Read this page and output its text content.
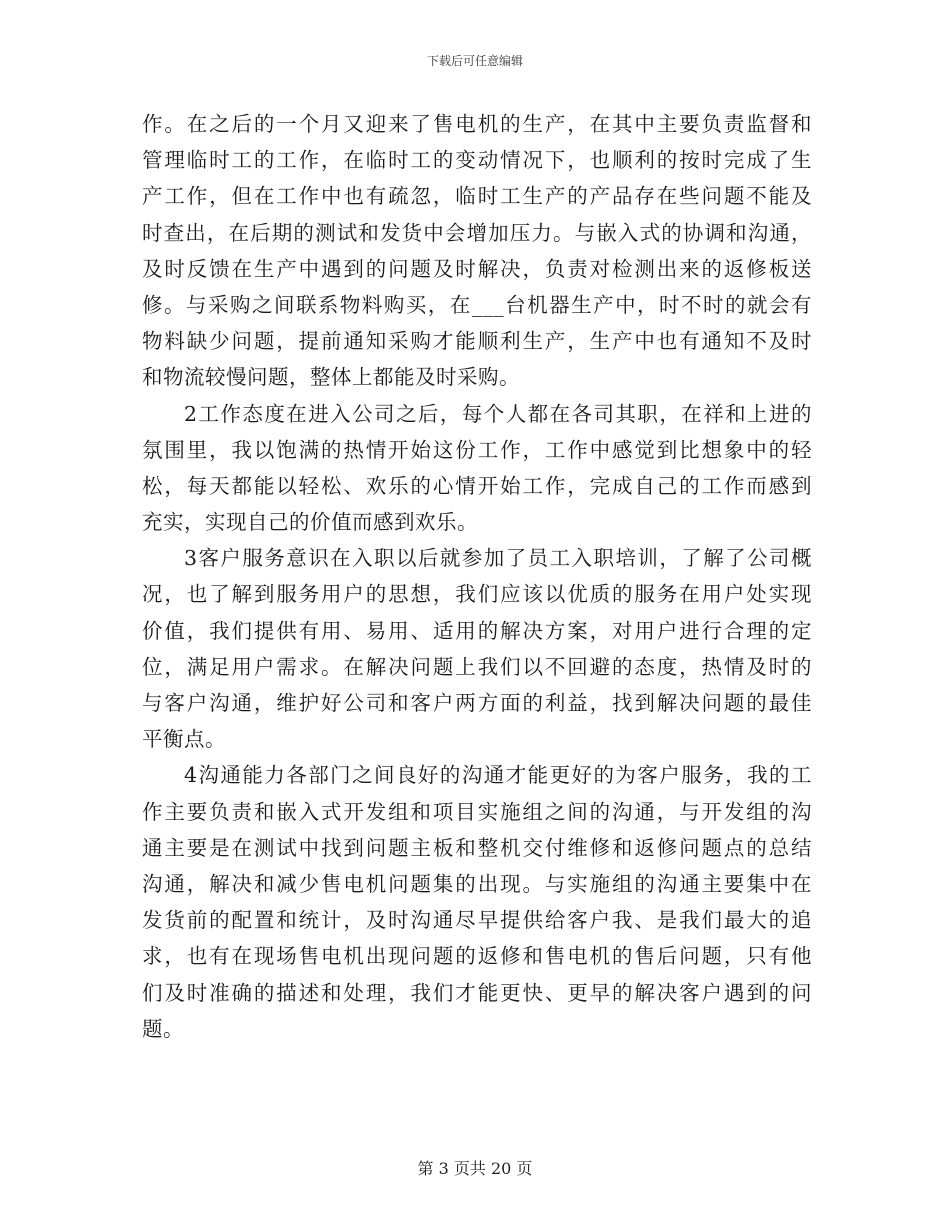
下载后可任意编辑
作。在之后的一个月又迎来了售电机的生产，在其中主要负责监督和
管理临时工的工作，在临时工的变动情况下，也顺利的按时完成了生
产工作，但在工作中也有疏忽，临时工生产的产品存在些问题不能及
时查出，在后期的测试和发货中会增加压力。与嵌入式的协调和沟通，
及时反馈在生产中遇到的问题及时解决，负责对检测出来的返修板送
修。与采购之间联系物料购买，在___台机器生产中，时不时的就会有
物料缺少问题，提前通知采购才能顺利生产，生产中也有通知不及时
和物流较慢问题，整体上都能及时采购。
2工作态度在进入公司之后，每个人都在各司其职，在祥和上进的
氛围里，我以饱满的热情开始这份工作，工作中感觉到比想象中的轻
松，每天都能以轻松、欢乐的心情开始工作，完成自己的工作而感到
充实，实现自己的价值而感到欢乐。
3客户服务意识在入职以后就参加了员工入职培训，了解了公司概
况，也了解到服务用户的思想，我们应该以优质的服务在用户处实现
价值，我们提供有用、易用、适用的解决方案，对用户进行合理的定
位，满足用户需求。在解决问题上我们以不回避的态度，热情及时的
与客户沟通，维护好公司和客户两方面的利益，找到解决问题的最佳
平衡点。
4沟通能力各部门之间良好的沟通才能更好的为客户服务，我的工
作主要负责和嵌入式开发组和项目实施组之间的沟通，与开发组的沟
通主要是在测试中找到问题主板和整机交付维修和返修问题点的总结
沟通，解决和减少售电机问题集的出现。与实施组的沟通主要集中在
发货前的配置和统计，及时沟通尽早提供给客户我、是我们最大的追
求，也有在现场售电机出现问题的返修和售电机的售后问题，只有他
们及时准确的描述和处理，我们才能更快、更早的解决客户遇到的问
题。
第 3 页共 20 页
